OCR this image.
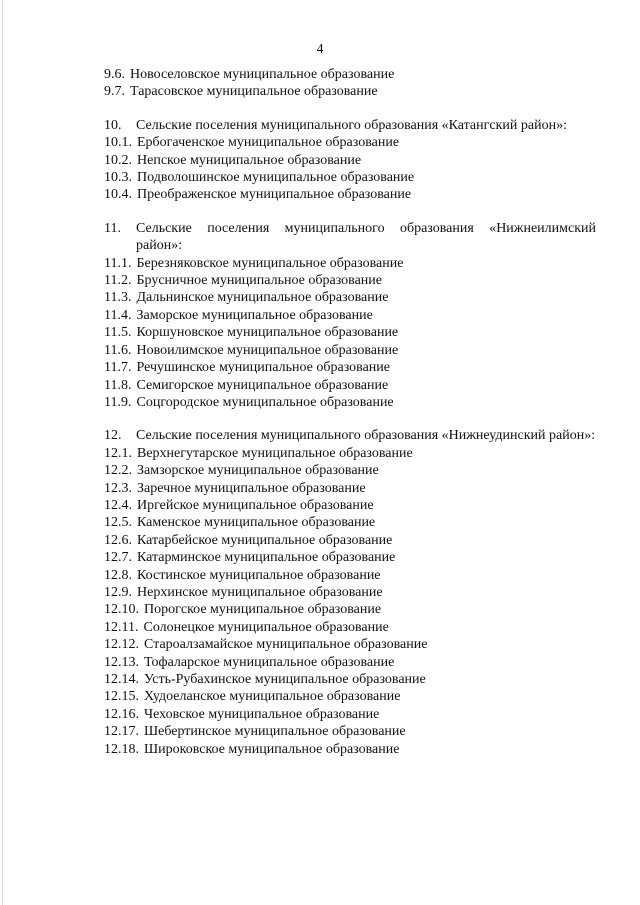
4
9.6. Новоселовское муниципальное образование
9.7. Тарасовское муниципальное образование
10.	Сельские поселения муниципального образования «Катангский район»:
10.1. Ербогаченское муниципальное образование
10.2. Непское муниципальное образование
10.3. Подволошинское муниципальное образование
10.4. Преображенское муниципальное образование
11.	Сельские поселения муниципального образования «Нижнеилимский район»:
11.1. Березняковское муниципальное образование
11.2. Брусничное муниципальное образование
11.3. Дальнинское муниципальное образование
11.4. Заморское муниципальное образование
11.5. Коршуновское муниципальное образование
11.6. Новоилимское муниципальное образование
11.7. Речушинское муниципальное образование
11.8. Семигорское муниципальное образование
11.9. Соцгородское муниципальное образование
12.	Сельские поселения муниципального образования «Нижнеудинский район»:
12.1. Верхнегутарское муниципальное образование
12.2. Замзорское муниципальное образование
12.3. Заречное муниципальное образование
12.4. Иргейское муниципальное образование
12.5. Каменское муниципальное образование
12.6. Катарбейское муниципальное образование
12.7. Катарминское муниципальное образование
12.8. Костинское муниципальное образование
12.9. Нерхинское муниципальное образование
12.10. Порогское муниципальное образование
12.11. Солонецкое муниципальное образование
12.12. Староалзамайское муниципальное образование
12.13. Тофаларское муниципальное образование
12.14. Усть-Рубахинское муниципальное образование
12.15. Худоеланское муниципальное образование
12.16. Чеховское муниципальное образование
12.17. Шебертинское муниципальное образование
12.18. Широковское муниципальное образование
